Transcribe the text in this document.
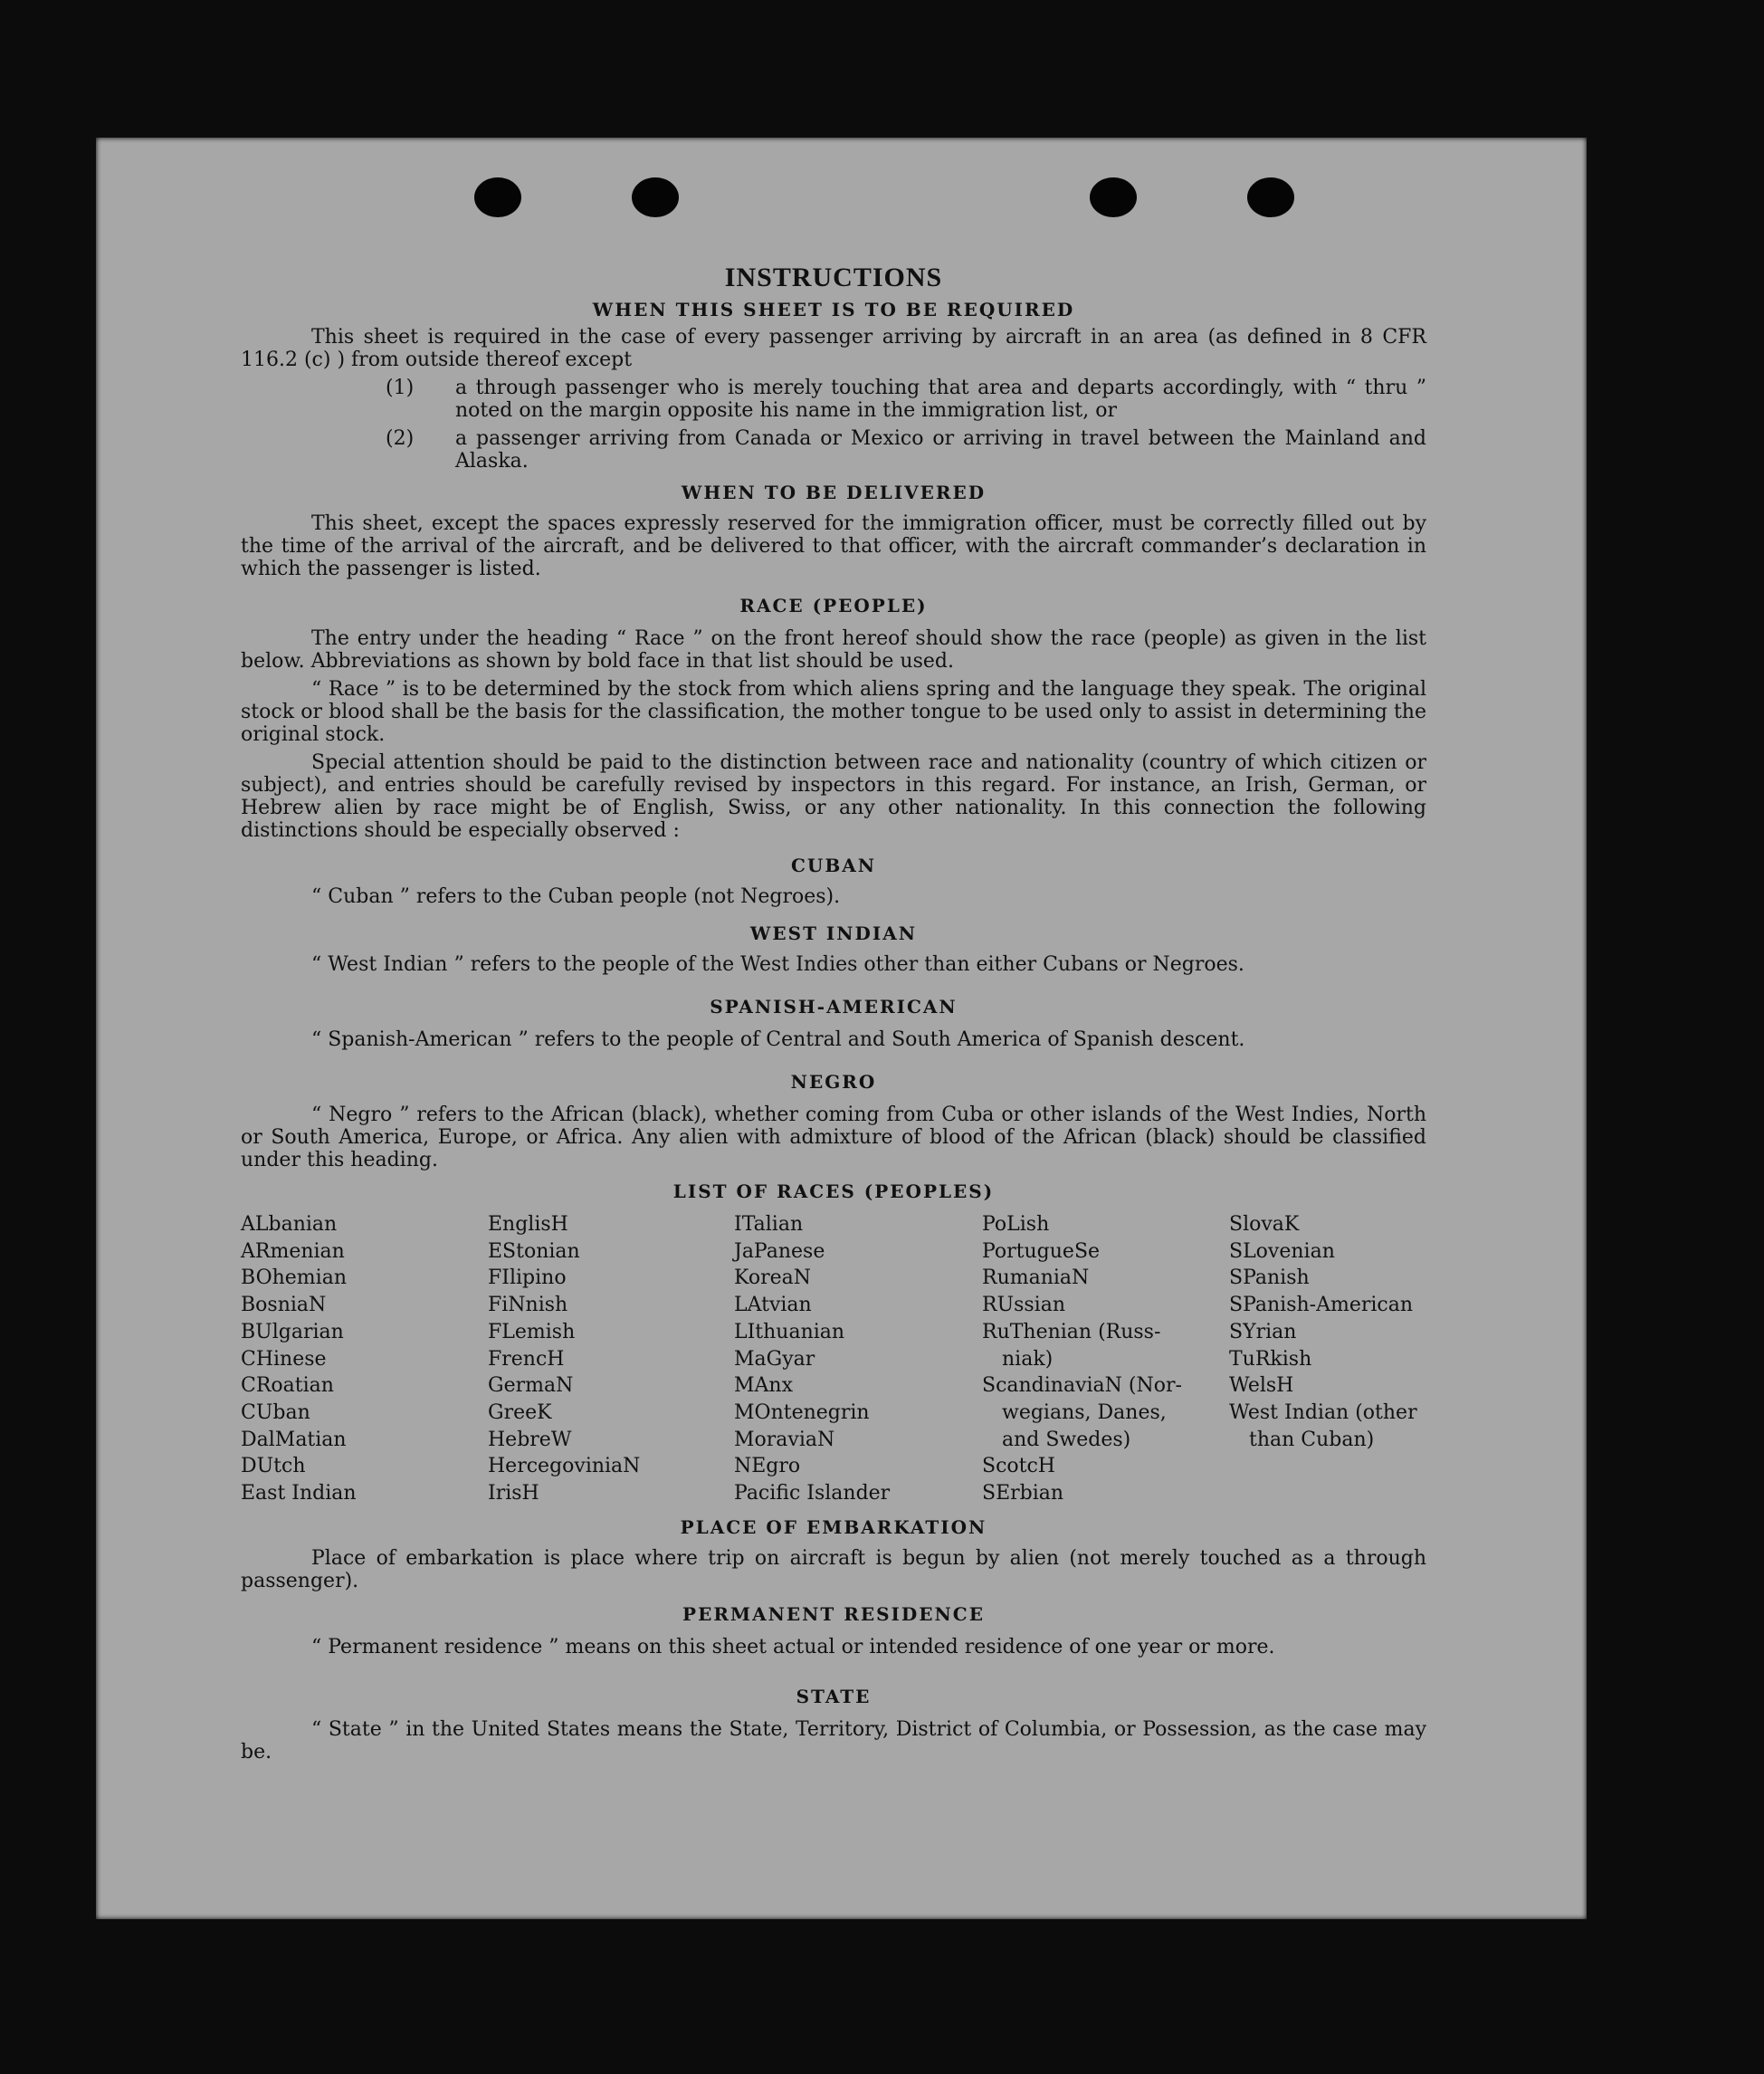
INSTRUCTIONS

WHEN THIS SHEET IS TO BE REQUIRED

This sheet is required in the case of every passenger arriving by aircraft in an area (as defined in 8 CFR 116.2 (c) ) from outside thereof except

(1) a through passenger who is merely touching that area and departs accordingly, with “ thru ” noted on the margin opposite his name in the immigration list, or
(2) a passenger arriving from Canada or Mexico or arriving in travel between the Mainland and Alaska.

WHEN TO BE DELIVERED

This sheet, except the spaces expressly reserved for the immigration officer, must be correctly filled out by the time of the arrival of the aircraft, and be delivered to that officer, with the aircraft commander’s declaration in which the passenger is listed.

RACE (PEOPLE)

The entry under the heading “ Race ” on the front hereof should show the race (people) as given in the list below. Abbreviations as shown by bold face in that list should be used.

“ Race ” is to be determined by the stock from which aliens spring and the language they speak. The original stock or blood shall be the basis for the classification, the mother tongue to be used only to assist in determining the original stock.

Special attention should be paid to the distinction between race and nationality (country of which citizen or subject), and entries should be carefully revised by inspectors in this regard. For instance, an Irish, German, or Hebrew alien by race might be of English, Swiss, or any other nationality. In this connection the following distinctions should be especially observed :

CUBAN

“ Cuban ” refers to the Cuban people (not Negroes).

WEST INDIAN

“ West Indian ” refers to the people of the West Indies other than either Cubans or Negroes.

SPANISH-AMERICAN

“ Spanish-American ” refers to the people of Central and South America of Spanish descent.

NEGRO

“ Negro ” refers to the African (black), whether coming from Cuba or other islands of the West Indies, North or South America, Europe, or Africa. Any alien with admixture of blood of the African (black) should be classified under this heading.

LIST OF RACES (PEOPLES)

ALbanian
ARmenian
BOhemian
BosniaN
BUlgarian
CHinese
CRoatian
CUban
DalMatian
DUtch
East Indian
EnglisH
EStonian
FIlipino
FiNnish
FLemish
FrencH
GermaN
GreeK
HebreW
HercegoviniaN
IrisH
ITalian
JaPanese
KoreaN
LAtvian
LIthuanian
MaGyar
MAnx
MOntenegrin
MoraviaN
NEgro
Pacific Islander
PoLish
PortugueSe
RumaniaN
RUssian
RuThenian (Russ-
niak)
ScandinaviaN (Nor-
wegians, Danes,
and Swedes)
ScotcH
SErbian
SlovaK
SLovenian
SPanish
SPanish-American
SYrian
TuRkish
WelsH
West Indian (other
than Cuban)

PLACE OF EMBARKATION

Place of embarkation is place where trip on aircraft is begun by alien (not merely touched as a through passenger).

PERMANENT RESIDENCE

“ Permanent residence ” means on this sheet actual or intended residence of one year or more.

STATE

“ State ” in the United States means the State, Territory, District of Columbia, or Possession, as the case may be.
